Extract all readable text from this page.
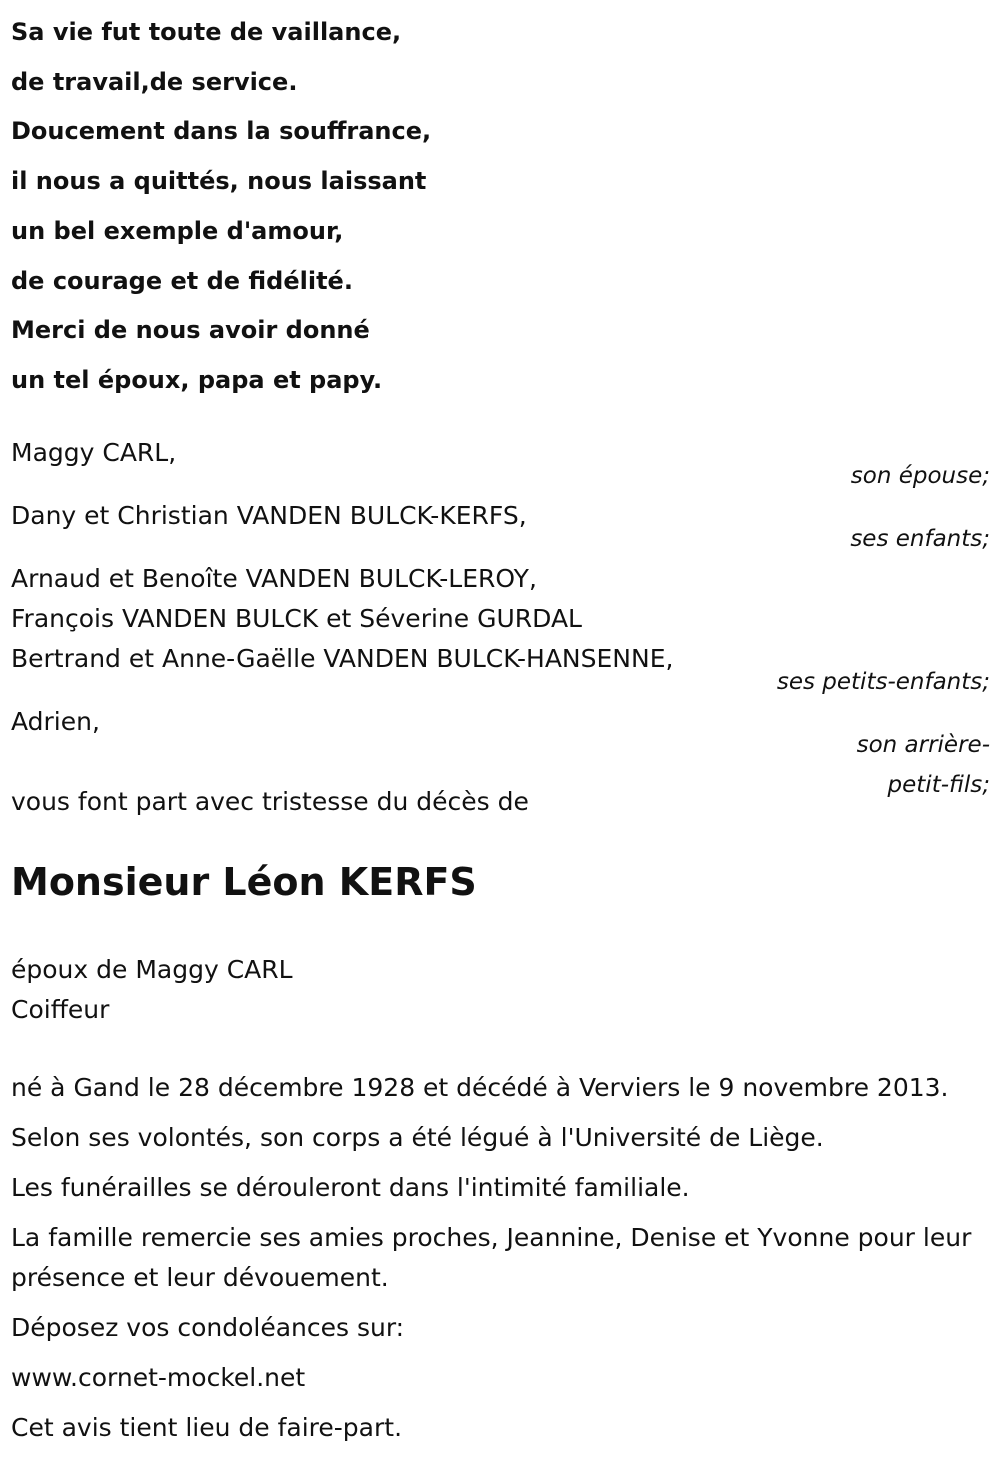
Sa vie fut toute de vaillance,
de travail,de service.
Doucement dans la souffrance,
il nous a quittés, nous laissant
un bel exemple d'amour,
de courage et de fidélité.
Merci de nous avoir donné
un tel époux, papa et papy.
Maggy CARL,
son épouse;
Dany et Christian VANDEN BULCK-KERFS,
ses enfants;
Arnaud et Benoîte VANDEN BULCK-LEROY,
François VANDEN BULCK et Séverine GURDAL
Bertrand et Anne-Gaëlle VANDEN BULCK-HANSENNE,
ses petits-enfants;
Adrien,
son arrière-
petit-fils;
vous font part avec tristesse du décès de
Monsieur Léon KERFS
époux de Maggy CARL
Coiffeur
né à Gand le 28 décembre 1928 et décédé à Verviers le 9 novembre 2013.
Selon ses volontés, son corps a été légué à l'Université de Liège.
Les funérailles se dérouleront dans l'intimité familiale.
La famille remercie ses amies proches, Jeannine, Denise et Yvonne pour leur présence et leur dévouement.
Déposez vos condoléances sur:
www.cornet-mockel.net
Cet avis tient lieu de faire-part.
